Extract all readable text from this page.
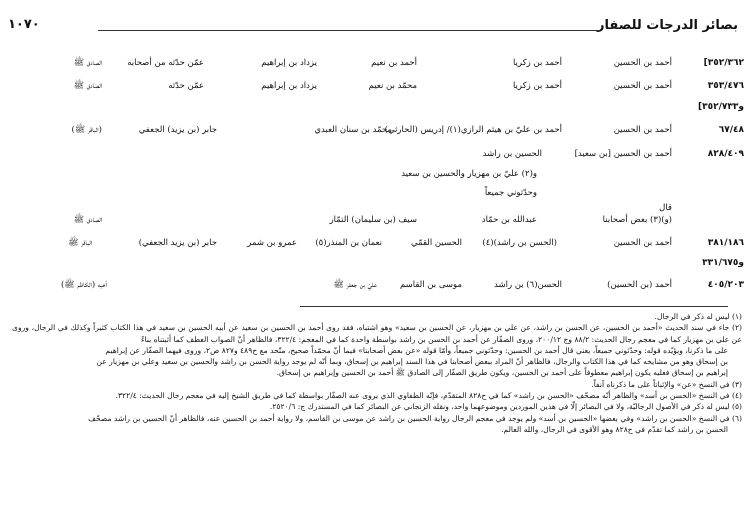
بصائر الدرجات للصفار
١٠٧٠
٣٥٢/٣٦٢]
أحمد بن الحسين
أحمد بن زكريا
أحمد بن نعيم
يزداد بن إبراهيم
عمّن حدّثه من أصحابه
الصادق ﷺ
٣٥٣/٤٧٦
أحمد بن الحسين
أحمد بن زكريا
محمّد بن نعيم
يزداد بن إبراهيم
عمّن حدّثه
الصادق ﷺ
و٣٥٢/٧٣٣]
٦٧/٤٨
أحمد بن الحسين
أحمد بن عليّ بن هيثم الرازي(١)/ إدريس (الحارثي)
محمّد بن سنان العبدي
جابر (بن يزيد) الجعفي
(الباقر ﷺ)
٨٢٨/٤٠٩
أحمد بن الحسين [بن سعيد]
الحسين بن راشد
و(٢) عليّ بن مهزيار والحسين بن سعيد
وحدّثوني جميعاً
قال
(و)(٣) بعض أصحابنا
عبدالله بن حمّاد
سيف (بن سليمان) التمّار
الصادق ﷺ
٣٨١/١٨٦
أحمد بن الحسين
(الحسن بن راشد)(٤)
الحسين القمّي
نعمان بن المنذر(٥)
عمرو بن شمر
جابر (بن يزيد الجعفي)
الباقر ﷺ
و٣٣١/٦٧٥
٤٠٥/٢٠٣
أحمد (بن الحسين)
الحسن(٦) بن راشد
موسى بن القاسم
عليّ بن جعفر ﷺ
أخيه (الكاظم ﷺ)

(١) ليس له ذكر في الرجال.

(٢) جاء في سند الحديث «أحمد بن الحسين، عن الحسن بن راشد، عن علي بن مهزيار، عن الحسين بن سعيد» وهو اشتباه، فقد روى أحمد بن الحسين بن سعيد عن أبيه الحسين بن سعيد في هذا الكتاب كثيراً وكذلك في الرجال، وروى عن علي بن مهزيار كما في معجم رجال الحديث: ٨٨/٢ وج ٢٠٠/١٢، وروى الصفّار عن أحمد بن الحسن بن راشد بواسطة واحدة كما في المعجم: ٣٢٢/٤، فالظاهر أنّ الصواب العطف كما أثبتناه بناءً

على ما ذكرنا، ويؤيّده قوله: وحدّثوني جميعاً، يعني قال أحمد بن الحسين: وحدّثوني جميعاً، وأمّا قوله «عن بعض أصحابنا» فيما أنّ محمّداً صحيح، متّحد مع ح٤٨٩ و٨٢٧ ص٢، وروى فيهما الصفّار عن إبراهيم

بن إسحاق وهو من مشايخه كما في هذا الكتاب والرجال، فالظاهر أنّ المراد ببعض أصحابنا في هذا السند إبراهيم بن إسحاق، وبما أنّه لم يوجد رواية الحسن بن راشد والحسين بن سعيد وعلي بن مهزيار عن

إبراهيم بن إسحاق فعليه يكون إبراهيم معطوفاً على أحمد بن الحسين، ويكون طريق الصفّار إلى الصادق ﷺ أحمد بن الحسين وإبراهيم بن إسحاق.

(٣) في النسخ «عن» والإثباتاً على ما ذكرناه آنفاً.

(٤) في النسخ «الحسن بن أسد» والظاهر أنّه مصحّف «الحسن بن راشد» كما في ح٨٢٨ المتقدّم، فإنّه الطفاوي الذي يروى عنه الصفّار بواسطة كما في طريق الشيخ إليه في معجم رجال الحديث: ٣٢٢/٤.

(٥) ليس له ذكر في الأصول الرجاليّة، ولا في البصائر إلّا في هذين الموردين وموضوعهما واحد، ونقله الزنجاني عن البصائر كما في المستدرك ج: ٢٥٢٠/٦.

(٦) في النسخ «الحسن بن راشد» وفي بعضها «الحسين بن أسد» ولم يوجد في معجم الرجال رواية الحسين بن راشد عن موسى بن القاسم، ولا رواية أحمد بن الحسين عنه، فالظاهر أنّ الحسين بن راشد مصحّف

الحسن بن راشد كما تقدّم في ح٨٢٨ وهو الأقوى في الرجال، والله العالم.
